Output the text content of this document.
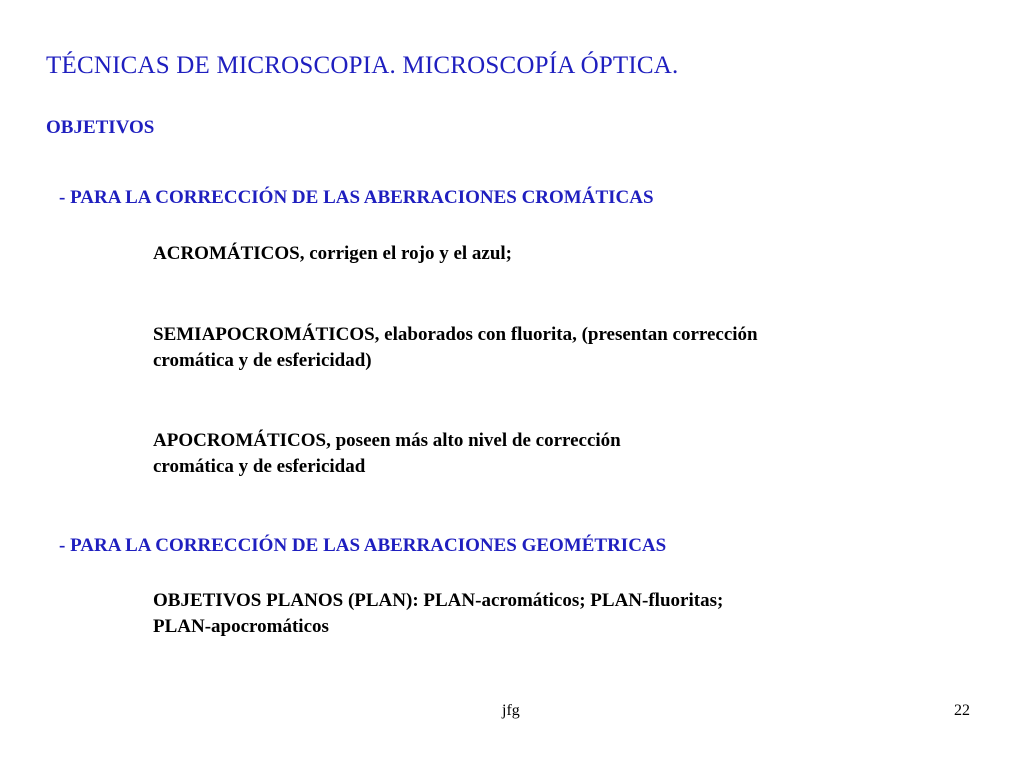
TÉCNICAS DE MICROSCOPIA. MICROSCOPÍA ÓPTICA.
OBJETIVOS
- PARA LA CORRECCIÓN DE LAS ABERRACIONES CROMÁTICAS
ACROMÁTICOS, corrigen el rojo y el azul;
SEMIAPOCROMÁTICOS, elaborados con fluorita, (presentan corrección
cromática y de esfericidad)
APOCROMÁTICOS, poseen más alto nivel de corrección
cromática y de esfericidad
- PARA LA CORRECCIÓN DE LAS ABERRACIONES GEOMÉTRICAS
OBJETIVOS PLANOS (PLAN): PLAN-acromáticos; PLAN-fluoritas;
PLAN-apocromáticos
jfg	22
